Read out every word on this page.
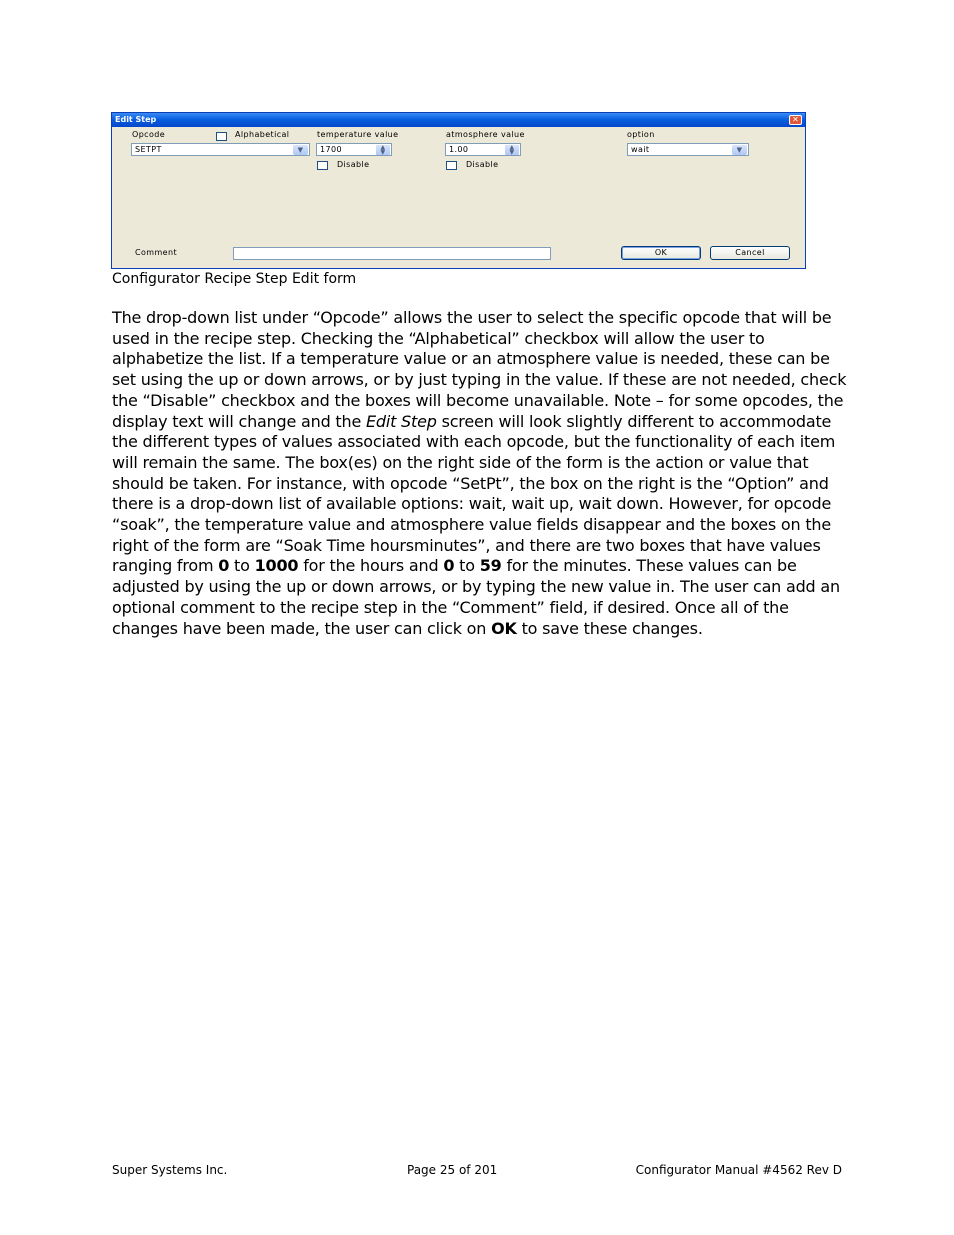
Edit Step	✕
Opcode
SETPT	▼
Alphabetical	temperature value
1700	▲
▼
Disable
atmosphere value
1.00	▲
▼
Disable
option
wait	▼
Comment	OK	Cancel
Configurator Recipe Step Edit form

The drop-down list under “Opcode” allows the user to select the specific opcode that will be used in the recipe step. Checking the “Alphabetical” checkbox will allow the user to alphabetize the list. If a temperature value or an atmosphere value is needed, these can be set using the up or down arrows, or by just typing in the value. If these are not needed, check the “Disable” checkbox and the boxes will become unavailable. Note – for some opcodes, the display text will change and the Edit Step screen will look slightly different to accommodate the different types of values associated with each opcode, but the functionality of each item will remain the same. The box(es) on the right side of the form is the action or value that should be taken. For instance, with opcode “SetPt”, the box on the right is the “Option” and there is a drop-down list of available options: wait, wait up, wait down. However, for opcode “soak”, the temperature value and atmosphere value fields disappear and the boxes on the right of the form are “Soak Time hoursminutes”, and there are two boxes that have values ranging from 0 to 1000 for the hours and 0 to 59 for the minutes. These values can be adjusted by using the up or down arrows, or by typing the new value in. The user can add an optional comment to the recipe step in the “Comment” field, if desired. Once all of the changes have been made, the user can click on OK to save these changes.

Super Systems Inc.	Page 25 of 201	Configurator Manual #4562 Rev D
